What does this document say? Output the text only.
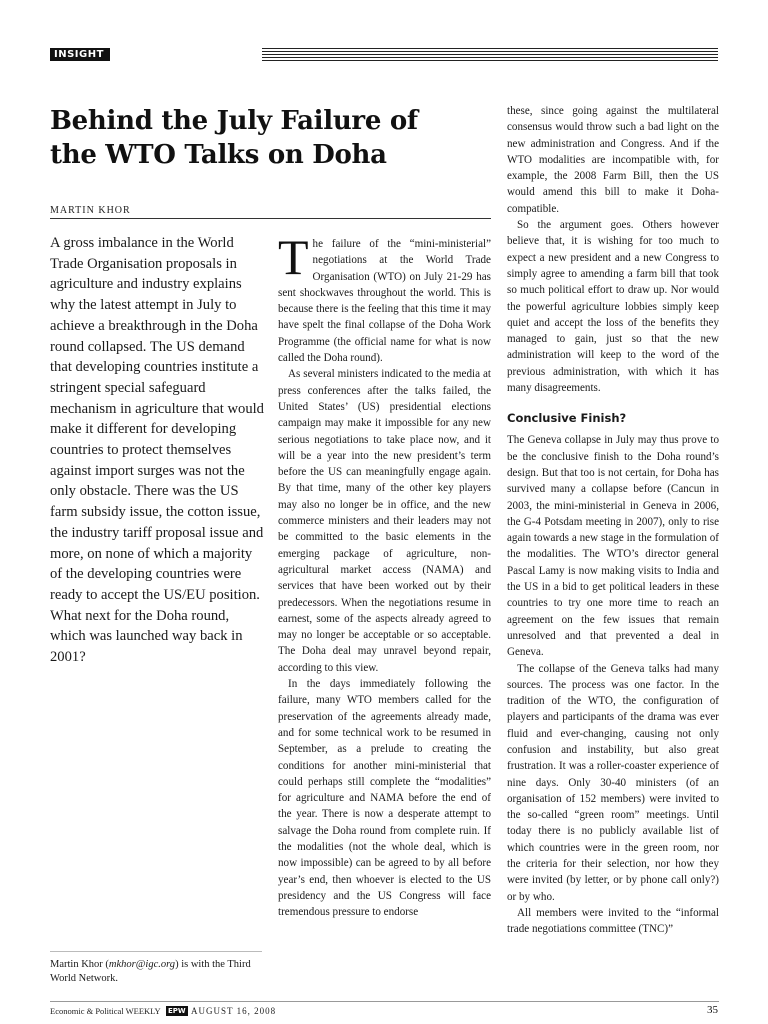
INSIGHT
Behind the July Failure of the WTO Talks on Doha
MARTIN KHOR
A gross imbalance in the World Trade Organisation proposals in agriculture and industry explains why the latest attempt in July to achieve a breakthrough in the Doha round collapsed. The US demand that developing countries institute a stringent special safeguard mechanism in agriculture that would make it different for developing countries to protect themselves against import surges was not the only obstacle. There was the US farm subsidy issue, the cotton issue, the industry tariff proposal issue and more, on none of which a majority of the developing countries were ready to accept the US/EU position. What next for the Doha round, which was launched way back in 2001?
Martin Khor (mkhor@igc.org) is with the Third World Network.

The failure of the “mini-ministerial” negotiations at the World Trade Organisation (WTO) on July 21-29 has sent shockwaves throughout the world. This is because there is the feeling that this time it may have spelt the final collapse of the Doha Work Programme (the official name for what is now called the Doha round).

As several ministers indicated to the media at press conferences after the talks failed, the United States’ (US) presidential elections campaign may make it impossible for any new serious negotiations to take place now, and it will be a year into the new president’s term before the US can meaningfully engage again. By that time, many of the other key players may also no longer be in office, and the new commerce ministers and their leaders may not be committed to the basic elements in the emerging package of agriculture, non-agricultural market access (NAMA) and services that have been worked out by their predecessors. When the negotiations resume in earnest, some of the aspects already agreed to may no longer be acceptable or so acceptable. The Doha deal may unravel beyond repair, according to this view.

In the days immediately following the failure, many WTO members called for the preservation of the agreements already made, and for some technical work to be resumed in September, as a prelude to creating the conditions for another mini-ministerial that could perhaps still complete the “modalities” for agriculture and NAMA before the end of the year. There is now a desperate attempt to salvage the Doha round from complete ruin. If the modalities (not the whole deal, which is now impossible) can be agreed to by all before year’s end, then whoever is elected to the US presidency and the US Congress will face tremendous pressure to endorse

these, since going against the multilateral consensus would throw such a bad light on the new administration and Congress. And if the WTO modalities are incompatible with, for example, the 2008 Farm Bill, then the US would amend this bill to make it Doha-compatible.

So the argument goes. Others however believe that, it is wishing for too much to expect a new president and a new Congress to simply agree to amending a farm bill that took so much political effort to draw up. Nor would the powerful agriculture lobbies simply keep quiet and accept the loss of the benefits they managed to gain, just so that the new administration will keep to the word of the previous administration, with which it has many disagreements.

Conclusive Finish?

The Geneva collapse in July may thus prove to be the conclusive finish to the Doha round’s design. But that too is not certain, for Doha has survived many a collapse before (Cancun in 2003, the mini-ministerial in Geneva in 2006, the G-4 Potsdam meeting in 2007), only to rise again towards a new stage in the formulation of the modalities. The WTO’s director general Pascal Lamy is now making visits to India and the US in a bid to get political leaders in these countries to try one more time to reach an agreement on the few issues that remain unresolved and that prevented a deal in Geneva.

The collapse of the Geneva talks had many sources. The process was one factor. In the tradition of the WTO, the configuration of players and participants of the drama was ever fluid and ever-changing, causing not only confusion and instability, but also great frustration. It was a roller-coaster experience of nine days. Only 30-40 ministers (of an organisation of 152 members) were invited to the so-called “green room” meetings. Until today there is no publicly available list of which countries were in the green room, nor the criteria for their selection, nor how they were invited (by letter, or by phone call only?) or by who.

All members were invited to the “informal trade negotiations committee (TNC)”

Economic & Political WEEKLY EPW AUGUST 16, 2008	35
